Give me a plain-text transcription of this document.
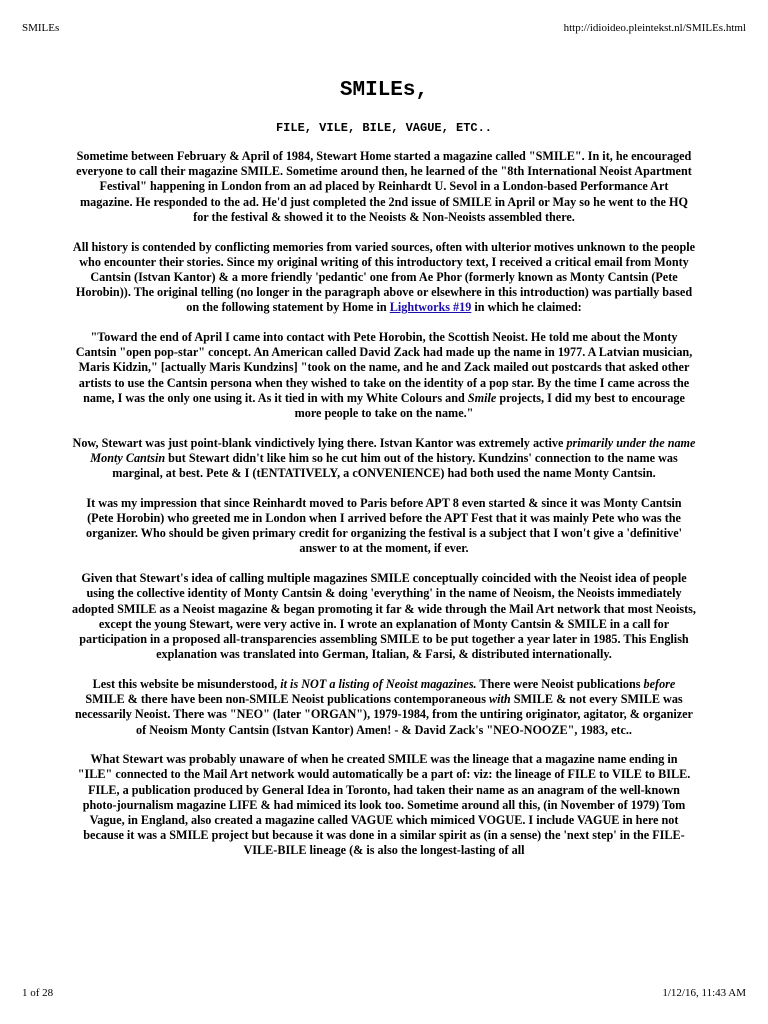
SMILEs	http://idioideo.pleintekst.nl/SMILEs.html
SMILEs,
FILE, VILE, BILE, VAGUE, ETC..

Sometime between February & April of 1984, Stewart Home started a magazine called "SMILE". In it, he encouraged everyone to call their magazine SMILE. Sometime around then, he learned of the "8th International Neoist Apartment Festival" happening in London from an ad placed by Reinhardt U. Sevol in a London-based Performance Art magazine. He responded to the ad. He'd just completed the 2nd issue of SMILE in April or May so he went to the HQ for the festival & showed it to the Neoists & Non-Neoists assembled there.

All history is contended by conflicting memories from varied sources, often with ulterior motives unknown to the people who encounter their stories. Since my original writing of this introductory text, I received a critical email from Monty Cantsin (Istvan Kantor) & a more friendly 'pedantic' one from Ae Phor (formerly known as Monty Cantsin (Pete Horobin)). The original telling (no longer in the paragraph above or elsewhere in this introduction) was partially based on the following statement by Home in Lightworks #19 in which he claimed:

"Toward the end of April I came into contact with Pete Horobin, the Scottish Neoist. He told me about the Monty Cantsin "open pop-star" concept. An American called David Zack had made up the name in 1977. A Latvian musician, Maris Kidzin," [actually Maris Kundzins] "took on the name, and he and Zack mailed out postcards that asked other artists to use the Cantsin persona when they wished to take on the identity of a pop star. By the time I came across the name, I was the only one using it. As it tied in with my White Colours and Smile projects, I did my best to encourage more people to take on the name."

Now, Stewart was just point-blank vindictively lying there. Istvan Kantor was extremely active primarily under the name Monty Cantsin but Stewart didn't like him so he cut him out of the history. Kundzins' connection to the name was marginal, at best. Pete & I (tENTATIVELY, a cONVENIENCE) had both used the name Monty Cantsin.

It was my impression that since Reinhardt moved to Paris before APT 8 even started & since it was Monty Cantsin (Pete Horobin) who greeted me in London when I arrived before the APT Fest that it was mainly Pete who was the organizer. Who should be given primary credit for organizing the festival is a subject that I won't give a 'definitive' answer to at the moment, if ever.

Given that Stewart's idea of calling multiple magazines SMILE conceptually coincided with the Neoist idea of people using the collective identity of Monty Cantsin & doing 'everything' in the name of Neoism, the Neoists immediately adopted SMILE as a Neoist magazine & began promoting it far & wide through the Mail Art network that most Neoists, except the young Stewart, were very active in. I wrote an explanation of Monty Cantsin & SMILE in a call for participation in a proposed all-transparencies assembling SMILE to be put together a year later in 1985. This English explanation was translated into German, Italian, & Farsi, & distributed internationally.

Lest this website be misunderstood, it is NOT a listing of Neoist magazines. There were Neoist publications before SMILE & there have been non-SMILE Neoist publications contemporaneous with SMILE & not every SMILE was necessarily Neoist. There was "NEO" (later "ORGAN"), 1979-1984, from the untiring originator, agitator, & organizer of Neoism Monty Cantsin (Istvan Kantor) Amen! - & David Zack's "NEO-NOOZE", 1983, etc..

What Stewart was probably unaware of when he created SMILE was the lineage that a magazine name ending in "ILE" connected to the Mail Art network would automatically be a part of: viz: the lineage of FILE to VILE to BILE. FILE, a publication produced by General Idea in Toronto, had taken their name as an anagram of the well-known photo-journalism magazine LIFE & had mimiced its look too. Sometime around all this, (in November of 1979) Tom Vague, in England, also created a magazine called VAGUE which mimiced VOGUE. I include VAGUE in here not because it was a SMILE project but because it was done in a similar spirit as (in a sense) the 'next step' in the FILE-VILE-BILE lineage (& is also the longest-lasting of all

1 of 28	1/12/16, 11:43 AM
